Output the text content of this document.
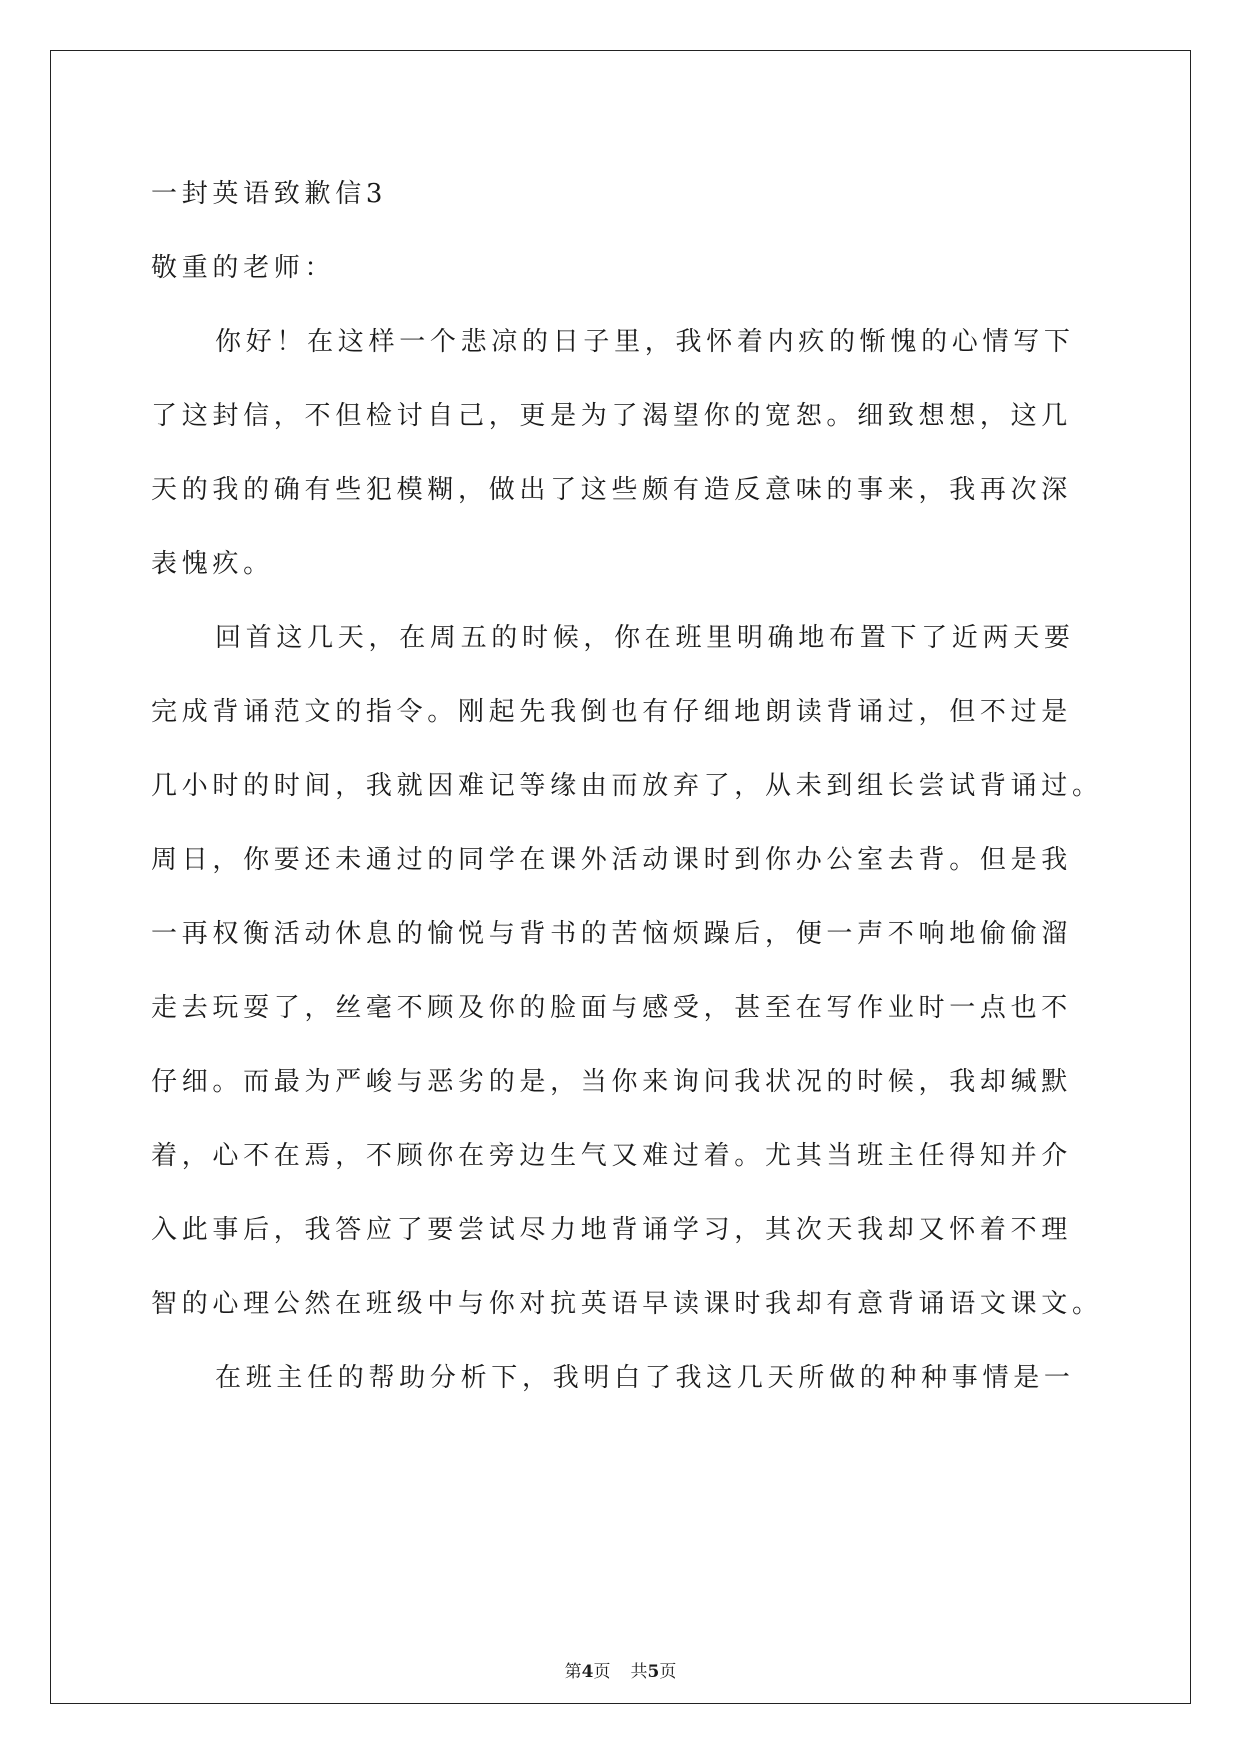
一封英语致歉信3

敬重的老师：

你好！在这样一个悲凉的日子里，我怀着内疚的惭愧的心情写下

了这封信，不但检讨自己，更是为了渴望你的宽恕。细致想想，这几

天的我的确有些犯模糊，做出了这些颇有造反意味的事来，我再次深

表愧疚。

回首这几天，在周五的时候，你在班里明确地布置下了近两天要

完成背诵范文的指令。刚起先我倒也有仔细地朗读背诵过，但不过是

几小时的时间，我就因难记等缘由而放弃了，从未到组长尝试背诵过。

周日，你要还未通过的同学在课外活动课时到你办公室去背。但是我

一再权衡活动休息的愉悦与背书的苦恼烦躁后，便一声不响地偷偷溜

走去玩耍了，丝毫不顾及你的脸面与感受，甚至在写作业时一点也不

仔细。而最为严峻与恶劣的是，当你来询问我状况的时候，我却缄默

着，心不在焉，不顾你在旁边生气又难过着。尤其当班主任得知并介

入此事后，我答应了要尝试尽力地背诵学习，其次天我却又怀着不理

智的心理公然在班级中与你对抗英语早读课时我却有意背诵语文课文。

在班主任的帮助分析下，我明白了我这几天所做的种种事情是一

第4页 共5页
